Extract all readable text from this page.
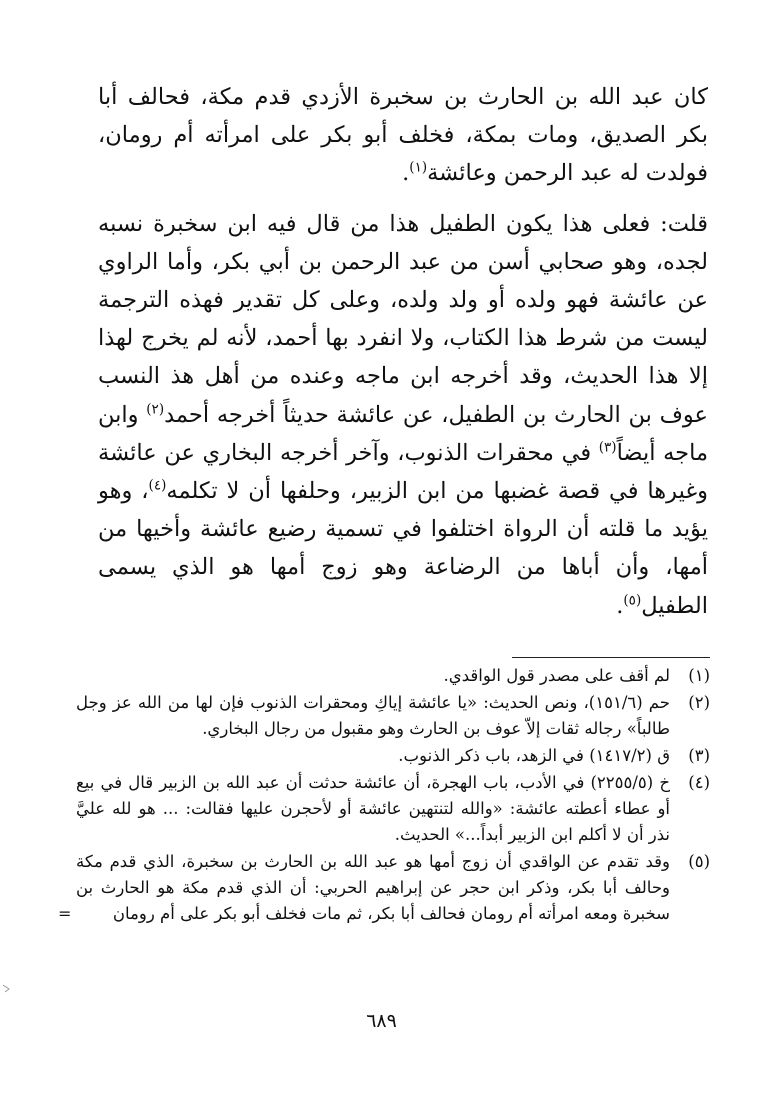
كان عبد الله بن الحارث بن سخبرة الأزدي قدم مكة، فحالف أبا بكر الصديق، ومات بمكة، فخلف أبو بكر على امرأته أم رومان، فولدت له عبد الرحمن وعائشة$^{(١)}$.

قلت: فعلى هذا يكون الطفيل هذا من قال فيه ابن سخبرة نسبه لجده، وهو صحابي أسن من عبد الرحمن بن أبي بكر، وأما الراوي عن عائشة فهو ولده أو ولد ولده، وعلى كل تقدير فهذه الترجمة ليست من شرط هذا الكتاب، ولا انفرد بها أحمد، لأنه لم يخرج لهذا إلا هذا الحديث، وقد أخرجه ابن ماجه وعنده من أهل هذ النسب عوف بن الحارث بن الطفيل، عن عائشة حديثاً أخرجه أحمد$^{(٢)}$ وابن ماجه أيضاً$^{(٣)}$ في محقرات الذنوب، وآخر أخرجه البخاري عن عائشة وغيرها في قصة غضبها من ابن الزبير، وحلفها أن لا تكلمه$^{(٤)}$، وهو يؤيد ما قلته أن الرواة اختلفوا في تسمية رضيع عائشة وأخيها من أمها، وأن أباها من الرضاعة وهو زوج أمها هو الذي يسمى الطفيل$^{(٥)}$.

(١)
لم أقف على مصدر قول الواقدي.
(٢)
حم (١٥١/٦)، ونص الحديث: «يا عائشة إياكِ ومحقرات الذنوب فإن لها من الله عز وجل طالباً» رجاله ثقات إلاّ عوف بن الحارث وهو مقبول من رجال البخاري.
(٣)
ق (١٤١٧/٢) في الزهد، باب ذكر الذنوب.
(٤)
خ (٢٢٥٥/٥) في الأدب، باب الهجرة، أن عائشة حدثت أن عبد الله بن الزبير قال في بيع أو عطاء أعطته عائشة: «والله لتنتهين عائشة أو لأحجرن عليها فقالت: ... هو لله عليَّ نذر أن لا أكلم ابن الزبير أبداً...» الحديث.
(٥)
وقد تقدم عن الواقدي أن زوج أمها هو عبد الله بن الحارث بن سخبرة، الذي قدم مكة وحالف أبا بكر، وذكر ابن حجر عن إبراهيم الحربي: أن الذي قدم مكة هو الحارث بن سخبرة ومعه امرأته أم رومان فحالف أبا بكر، ثم مات فخلف أبو بكر على أم رومان
=
٦٨٩
